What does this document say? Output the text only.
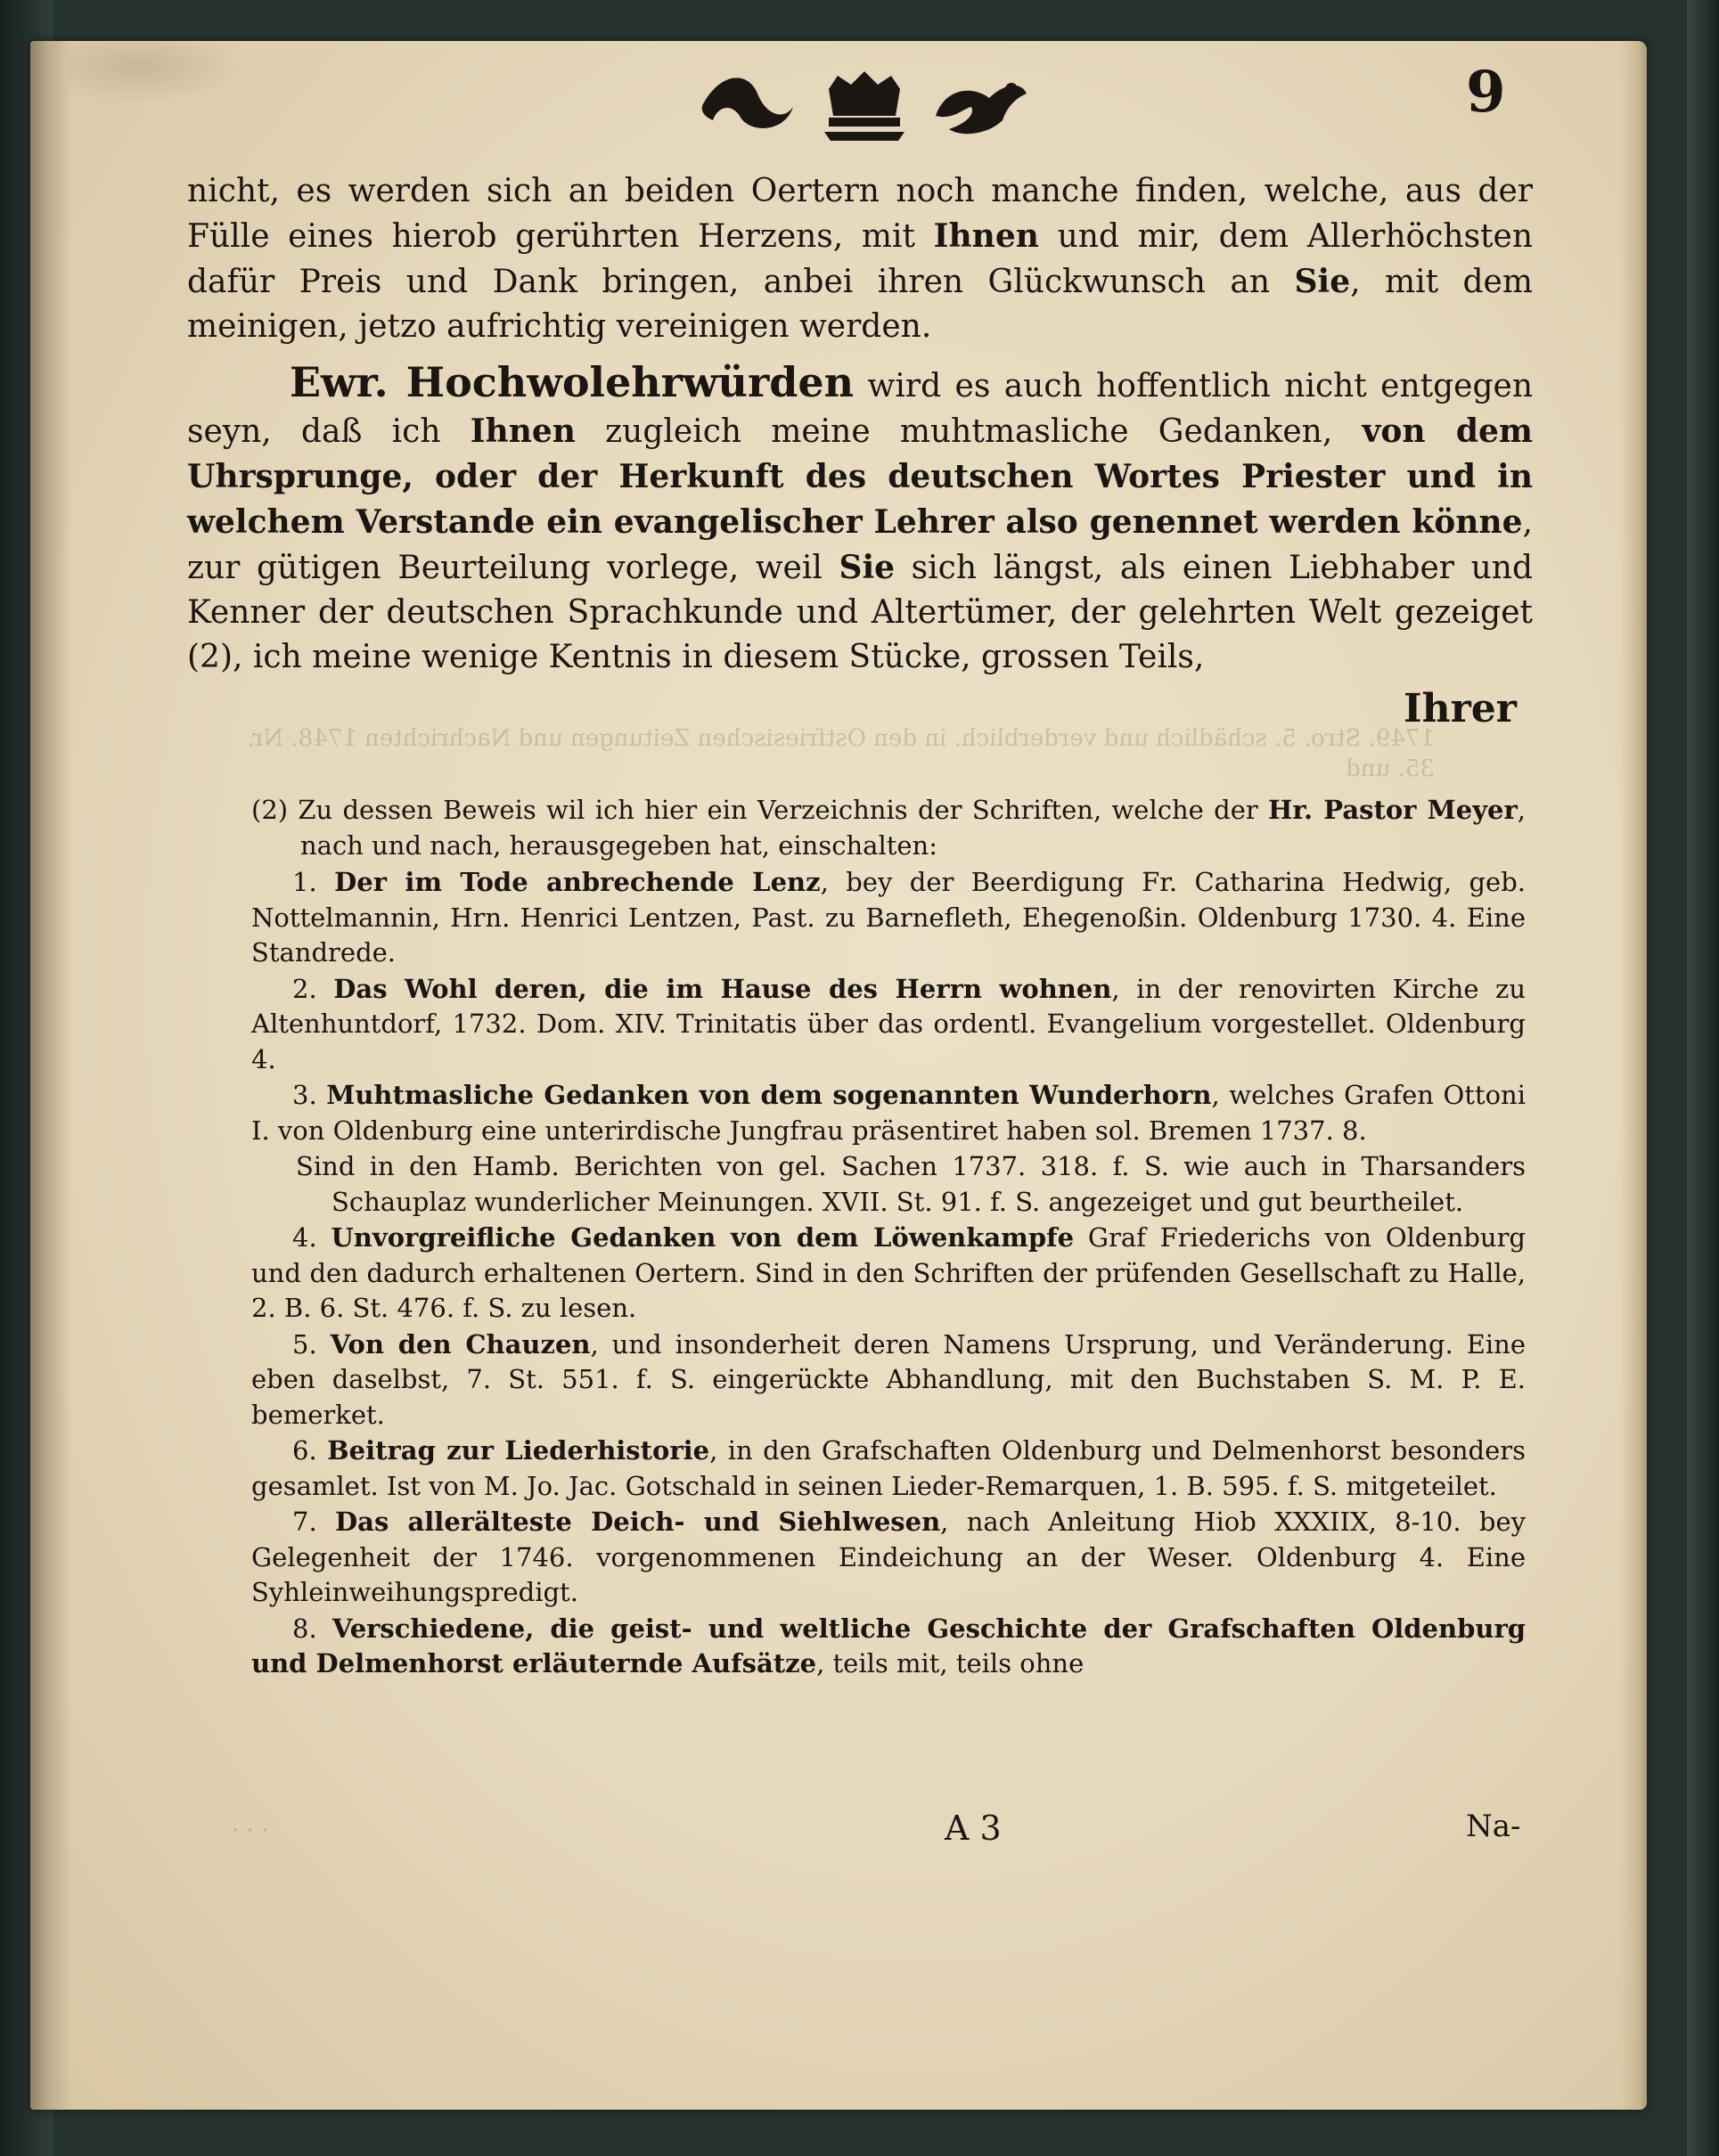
9

nicht, es werden sich an beiden Oertern noch manche finden, welche, aus der Fülle eines hierob gerührten Herzens, mit Ihnen und mir, dem Allerhöchsten dafür Preis und Dank bringen, anbei ihren Glückwunsch an Sie, mit dem meinigen, jetzo aufrichtig vereinigen werden.

Ewr. Hochwolehrwürden wird es auch hoffentlich nicht entgegen seyn, daß ich Ihnen zugleich meine muhtmasliche Gedanken, von dem Uhrsprunge, oder der Herkunft des deutschen Wortes Priester und in welchem Verstande ein evangelischer Lehrer also genennet werden könne, zur gütigen Beurteilung vorlege, weil Sie sich längst, als einen Liebhaber und Kenner der deutschen Sprachkunde und Altertümer, der gelehrten Welt gezeiget (2), ich meine wenige Kentnis in diesem Stücke, grossen Teils,

Ihrer
1749. Stro. 5. schädlich und verderblich. in den Ostfriesischen Zeitungen und Nachrichten 1748. Nr. 35. und

(2) Zu dessen Beweis wil ich hier ein Verzeichnis der Schriften, welche der Hr. Pastor Meyer, nach und nach, herausgegeben hat, einschalten:

1. Der im Tode anbrechende Lenz, bey der Beerdigung Fr. Catharina Hedwig, geb. Nottelmannin, Hrn. Henrici Lentzen, Past. zu Barnefleth, Ehegenoßin. Oldenburg 1730. 4. Eine Standrede.

2. Das Wohl deren, die im Hause des Herrn wohnen, in der renovirten Kirche zu Altenhuntdorf, 1732. Dom. XIV. Trinitatis über das ordentl. Evangelium vorgestellet. Oldenburg 4.

3. Muhtmasliche Gedanken von dem sogenannten Wunderhorn, welches Grafen Ottoni I. von Oldenburg eine unterirdische Jungfrau präsentiret haben sol. Bremen 1737. 8.

Sind in den Hamb. Berichten von gel. Sachen 1737. 318. f. S. wie auch in Tharsanders Schauplaz wunderlicher Meinungen. XVII. St. 91. f. S. angezeiget und gut beurtheilet.

4. Unvorgreifliche Gedanken von dem Löwenkampfe Graf Friederichs von Oldenburg und den dadurch erhaltenen Oertern. Sind in den Schriften der prüfenden Gesellschaft zu Halle, 2. B. 6. St. 476. f. S. zu lesen.

5. Von den Chauzen, und insonderheit deren Namens Ursprung, und Veränderung. Eine eben daselbst, 7. St. 551. f. S. eingerückte Abhandlung, mit den Buchstaben S. M. P. E. bemerket.

6. Beitrag zur Liederhistorie, in den Grafschaften Oldenburg und Delmenhorst besonders gesamlet. Ist von M. Jo. Jac. Gotschald in seinen Lieder-Remarquen, 1. B. 595. f. S. mitgeteilet.

7. Das allerälteste Deich- und Siehlwesen, nach Anleitung Hiob XXXIIX, 8-10. bey Gelegenheit der 1746. vorgenommenen Eindeichung an der Weser. Oldenburg 4. Eine Syhleinweihungspredigt.

8. Verschiedene, die geist- und weltliche Geschichte der Grafschaften Oldenburg und Delmenhorst erläuternde Aufsätze, teils mit, teils ohne

· · ·	A 3	Na-
